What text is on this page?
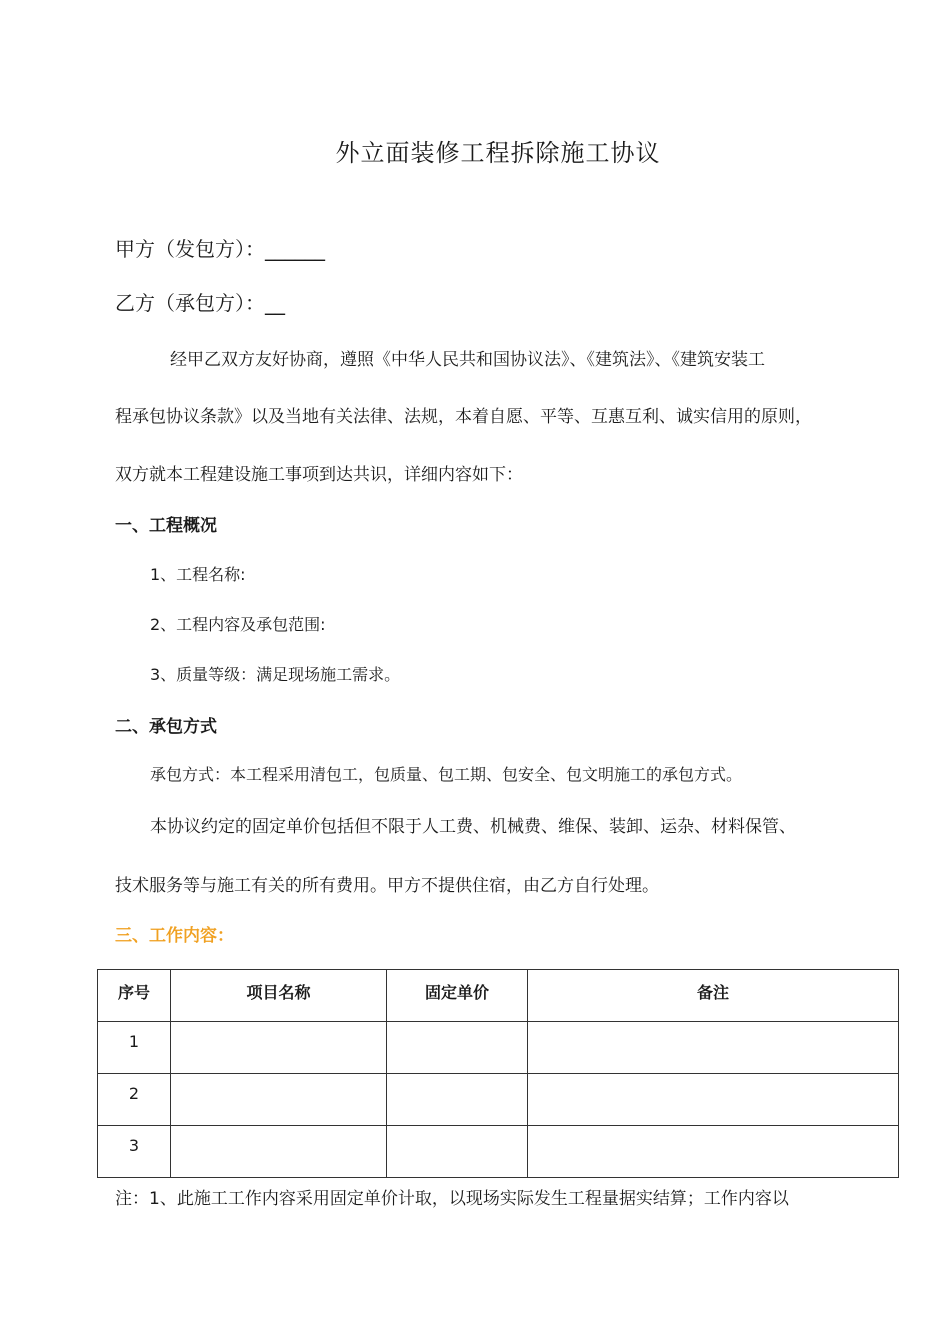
外立面装修工程拆除施工协议
甲方（发包方）：______
乙方（承包方）：__
经甲乙双方友好协商，遵照《中华人民共和国协议法》、《建筑法》、《建筑安装工
程承包协议条款》以及当地有关法律、法规，本着自愿、平等、互惠互利、诚实信用的原则，
双方就本工程建设施工事项到达共识，详细内容如下：
一、工程概况
1、工程名称:
2、工程内容及承包范围:
3、质量等级：满足现场施工需求。
二、承包方式
承包方式：本工程采用清包工，包质量、包工期、包安全、包文明施工的承包方式。
本协议约定的固定单价包括但不限于人工费、机械费、维保、装卸、运杂、材料保管、
技术服务等与施工有关的所有费用。甲方不提供住宿，由乙方自行处理。
三、工作内容：
序号	项目名称	固定单价	备注
1			
2			
3			
注：1、此施工工作内容采用固定单价计取，以现场实际发生工程量据实结算；工作内容以
